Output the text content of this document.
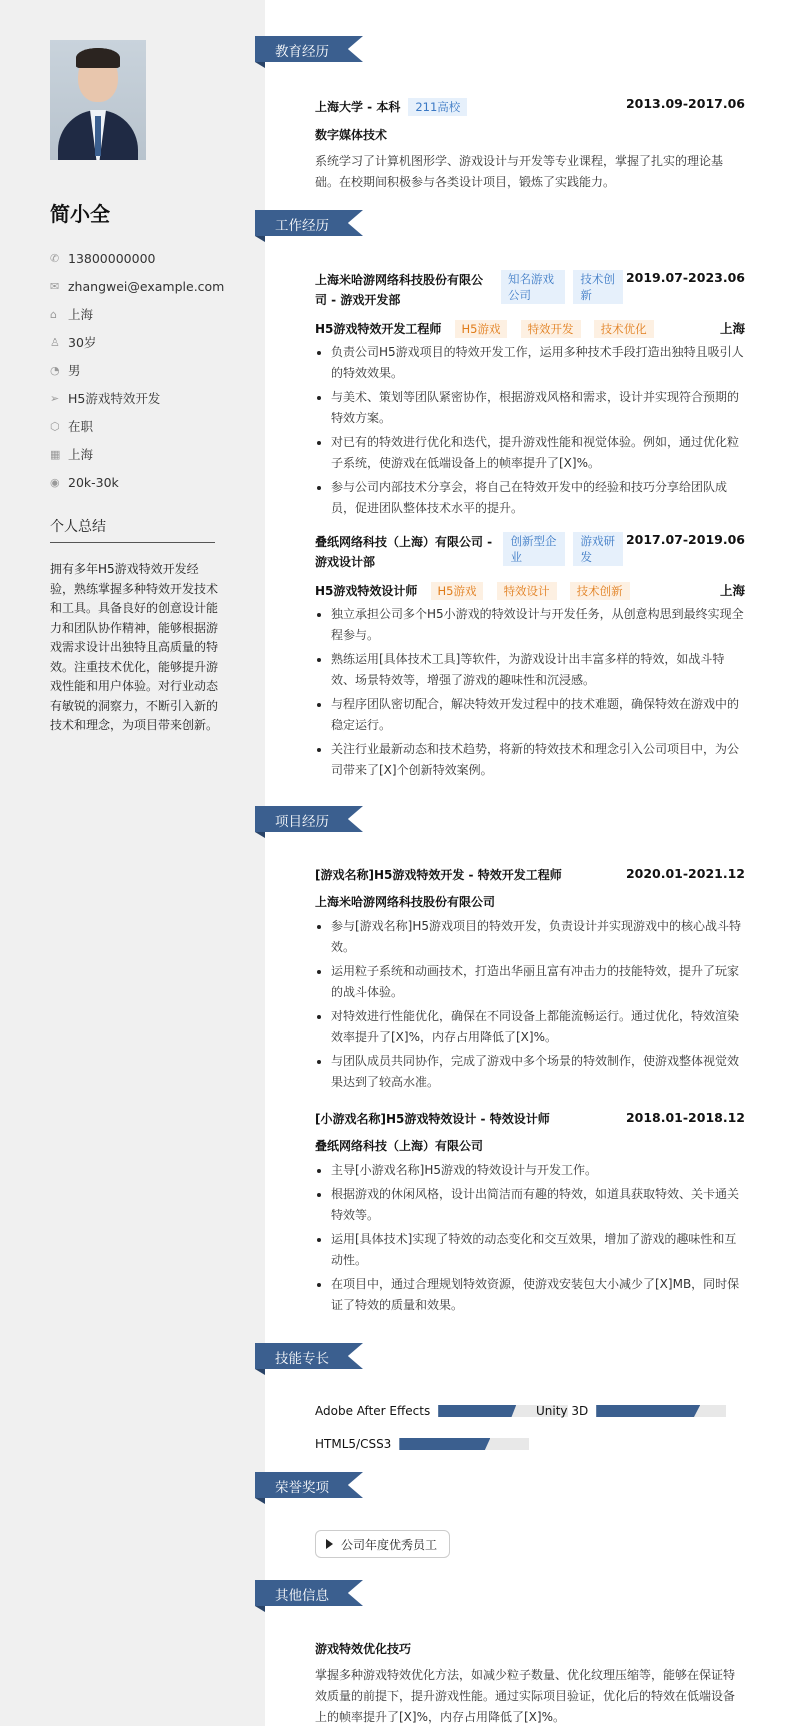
简小全
✆ 13800000000
✉ zhangwei@example.com
⌂ 上海
♙ 30岁
◔ 男
➢ H5游戏特效开发
⬡ 在职
▦ 上海
◉ 20k-30k
个人总结
拥有多年H5游戏特效开发经验，熟练掌握多种特效开发技术和工具。具备良好的创意设计能力和团队协作精神，能够根据游戏需求设计出独特且高质量的特效。注重技术优化，能够提升游戏性能和用户体验。对行业动态有敏锐的洞察力，不断引入新的技术和理念，为项目带来创新。
教育经历
上海大学 - 本科 211高校	2013.09-2017.06
数字媒体技术
系统学习了计算机图形学、游戏设计与开发等专业课程，掌握了扎实的理论基础。在校期间积极参与各类设计项目，锻炼了实践能力。
工作经历
上海米哈游网络科技股份有限公司 - 游戏开发部
知名游戏公司
技术创新
2019.07-2023.06
H5游戏特效开发工程师 H5游戏 特效开发 技术优化	上海
负责公司H5游戏项目的特效开发工作，运用多种技术手段打造出独特且吸引人的特效效果。
与美术、策划等团队紧密协作，根据游戏风格和需求，设计并实现符合预期的特效方案。
对已有的特效进行优化和迭代，提升游戏性能和视觉体验。例如，通过优化粒子系统，使游戏在低端设备上的帧率提升了[X]%。
参与公司内部技术分享会，将自己在特效开发中的经验和技巧分享给团队成员，促进团队整体技术水平的提升。
叠纸网络科技（上海）有限公司 - 游戏设计部
创新型企业
游戏研发
2017.07-2019.06
H5游戏特效设计师 H5游戏 特效设计 技术创新	上海
独立承担公司多个H5小游戏的特效设计与开发任务，从创意构思到最终实现全程参与。
熟练运用[具体技术工具]等软件，为游戏设计出丰富多样的特效，如战斗特效、场景特效等，增强了游戏的趣味性和沉浸感。
与程序团队密切配合，解决特效开发过程中的技术难题，确保特效在游戏中的稳定运行。
关注行业最新动态和技术趋势，将新的特效技术和理念引入公司项目中，为公司带来了[X]个创新特效案例。
项目经历
[游戏名称]H5游戏特效开发 - 特效开发工程师	2020.01-2021.12
上海米哈游网络科技股份有限公司
参与[游戏名称]H5游戏项目的特效开发，负责设计并实现游戏中的核心战斗特效。
运用粒子系统和动画技术，打造出华丽且富有冲击力的技能特效，提升了玩家的战斗体验。
对特效进行性能优化，确保在不同设备上都能流畅运行。通过优化，特效渲染效率提升了[X]%，内存占用降低了[X]%。
与团队成员共同协作，完成了游戏中多个场景的特效制作，使游戏整体视觉效果达到了较高水准。
[小游戏名称]H5游戏特效设计 - 特效设计师	2018.01-2018.12
叠纸网络科技（上海）有限公司
主导[小游戏名称]H5游戏的特效设计与开发工作。
根据游戏的休闲风格，设计出简洁而有趣的特效，如道具获取特效、关卡通关特效等。
运用[具体技术]实现了特效的动态变化和交互效果，增加了游戏的趣味性和互动性。
在项目中，通过合理规划特效资源，使游戏安装包大小减少了[X]MB，同时保证了特效的质量和效果。
技能专长
Adobe After Effects	Unity 3D
HTML5/CSS3
荣誉奖项
公司年度优秀员工
其他信息
游戏特效优化技巧
掌握多种游戏特效优化方法，如减少粒子数量、优化纹理压缩等，能够在保证特效质量的前提下，提升游戏性能。通过实际项目验证，优化后的特效在低端设备上的帧率提升了[X]%，内存占用降低了[X]%。
